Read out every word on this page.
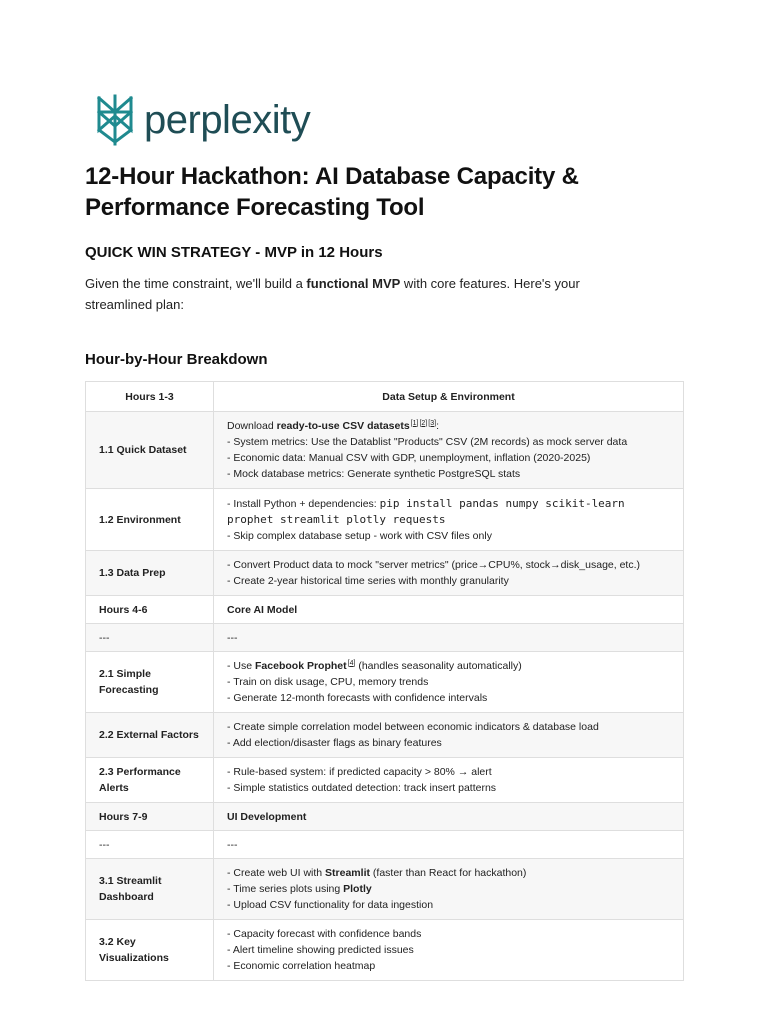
perplexity
12-Hour Hackathon: AI Database Capacity & Performance Forecasting Tool
QUICK WIN STRATEGY - MVP in 12 Hours

Given the time constraint, we'll build a functional MVP with core features. Here's your streamlined plan:

Hour-by-Hour Breakdown
Hours 1-3	Data Setup & Environment
1.1 Quick Dataset	Download ready-to-use CSV datasets[1][2][3]:
- System metrics: Use the Datablist "Products" CSV (2M records) as mock server data
- Economic data: Manual CSV with GDP, unemployment, inflation (2020-2025)
- Mock database metrics: Generate synthetic PostgreSQL stats

1.2 Environment	- Install Python + dependencies: pip install pandas numpy scikit-learn
prophet streamlit plotly requests
- Skip complex database setup - work with CSV files only

1.3 Data Prep	- Convert Product data to mock "server metrics" (price→CPU%, stock→disk_usage, etc.)
- Create 2-year historical time series with monthly granularity

Hours 4-6	Core AI Model
---	---
2.1 Simple Forecasting	- Use Facebook Prophet[4] (handles seasonality automatically)
- Train on disk usage, CPU, memory trends
- Generate 12-month forecasts with confidence intervals

2.2 External Factors	- Create simple correlation model between economic indicators & database load
- Add election/disaster flags as binary features

2.3 Performance Alerts	- Rule-based system: if predicted capacity > 80% → alert
- Simple statistics outdated detection: track insert patterns

Hours 7-9	UI Development
---	---
3.1 Streamlit Dashboard	- Create web UI with Streamlit (faster than React for hackathon)
- Time series plots using Plotly
- Upload CSV functionality for data ingestion

3.2 Key Visualizations	- Capacity forecast with confidence bands
- Alert timeline showing predicted issues
- Economic correlation heatmap
